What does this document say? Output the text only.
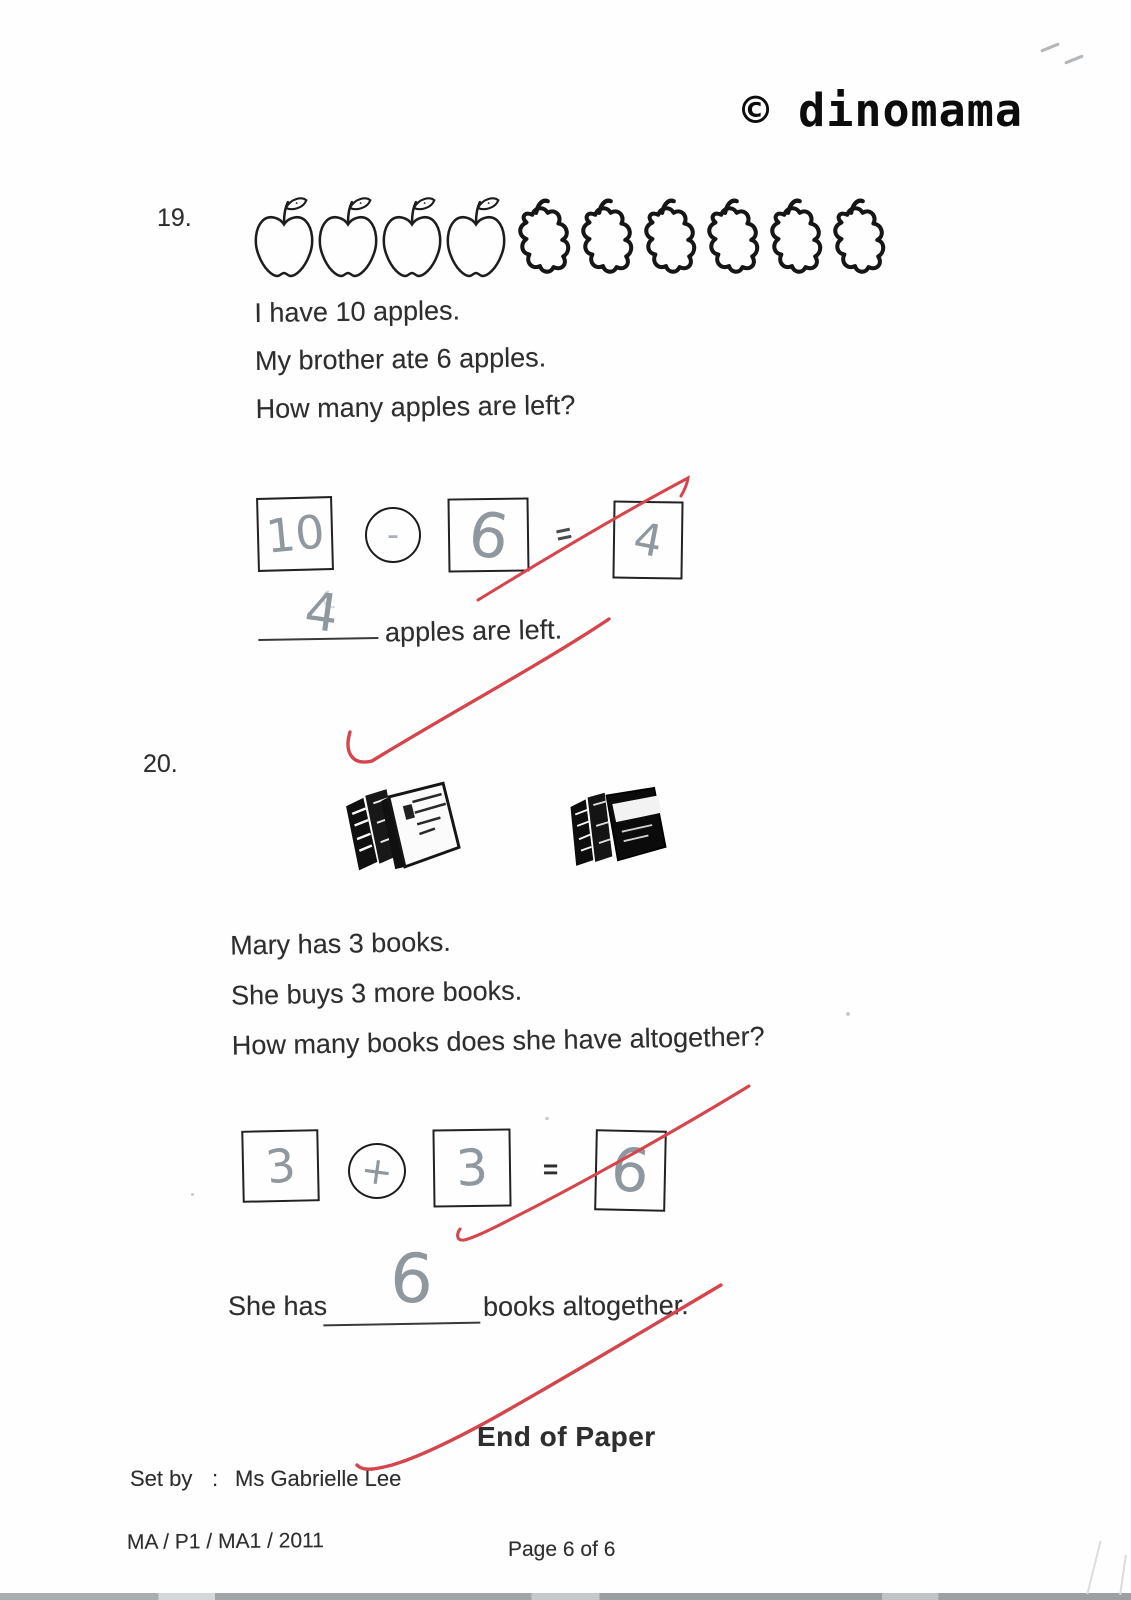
© dinomama
19.
I have 10 apples.
My brother ate 6 apples.
How many apples are left?
10 - 6 = 4
4 apples are left.
20.
Mary has 3 books.
She buys 3 more books.
How many books does she have altogether?
3 + 3 = 6
She has 6 books altogether.
End of Paper
Set by : Ms Gabrielle Lee
MA / P1 / MA1 / 2011	Page 6 of 6
